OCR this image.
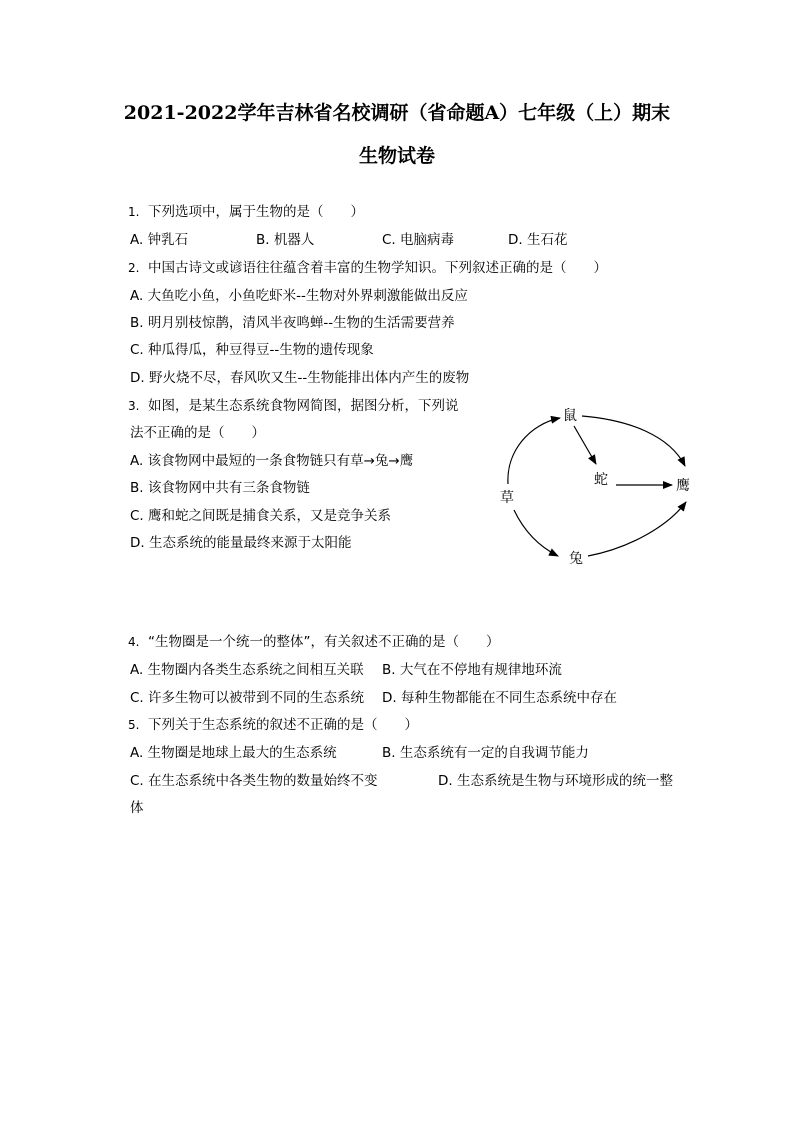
2021-2022学年吉林省名校调研（省命题A）七年级（上）期末
生物试卷
1. 下列选项中，属于生物的是（　　）
A. 钟乳石	B. 机器人	C. 电脑病毒	D. 生石花
2. 中国古诗文或谚语往往蕴含着丰富的生物学知识。下列叙述正确的是（　　）
A. 大鱼吃小鱼，小鱼吃虾米--生物对外界刺激能做出反应
B. 明月别枝惊鹊，清风半夜鸣蝉--生物的生活需要营养
C. 种瓜得瓜，种豆得豆--生物的遗传现象
D. 野火烧不尽，春风吹又生--生物能排出体内产生的废物
3. 如图，是某生态系统食物网简图，据图分析，下列说
法不正确的是（　　）
A. 该食物网中最短的一条食物链只有草→兔→鹰
B. 该食物网中共有三条食物链
C. 鹰和蛇之间既是捕食关系，又是竞争关系
D. 生态系统的能量最终来源于太阳能
鼠
蛇	鹰
草
兔
4. “生物圈是一个统一的整体”，有关叙述不正确的是（　　）
A. 生物圈内各类生态系统之间相互关联 B. 大气在不停地有规律地环流
C. 许多生物可以被带到不同的生态系统 D. 每种生物都能在不同生态系统中存在
5. 下列关于生态系统的叙述不正确的是（　　）
A. 生物圈是地球上最大的生态系统	B. 生态系统有一定的自我调节能力
C. 在生态系统中各类生物的数量始终不变	D. 生态系统是生物与环境形成的统一整
体
